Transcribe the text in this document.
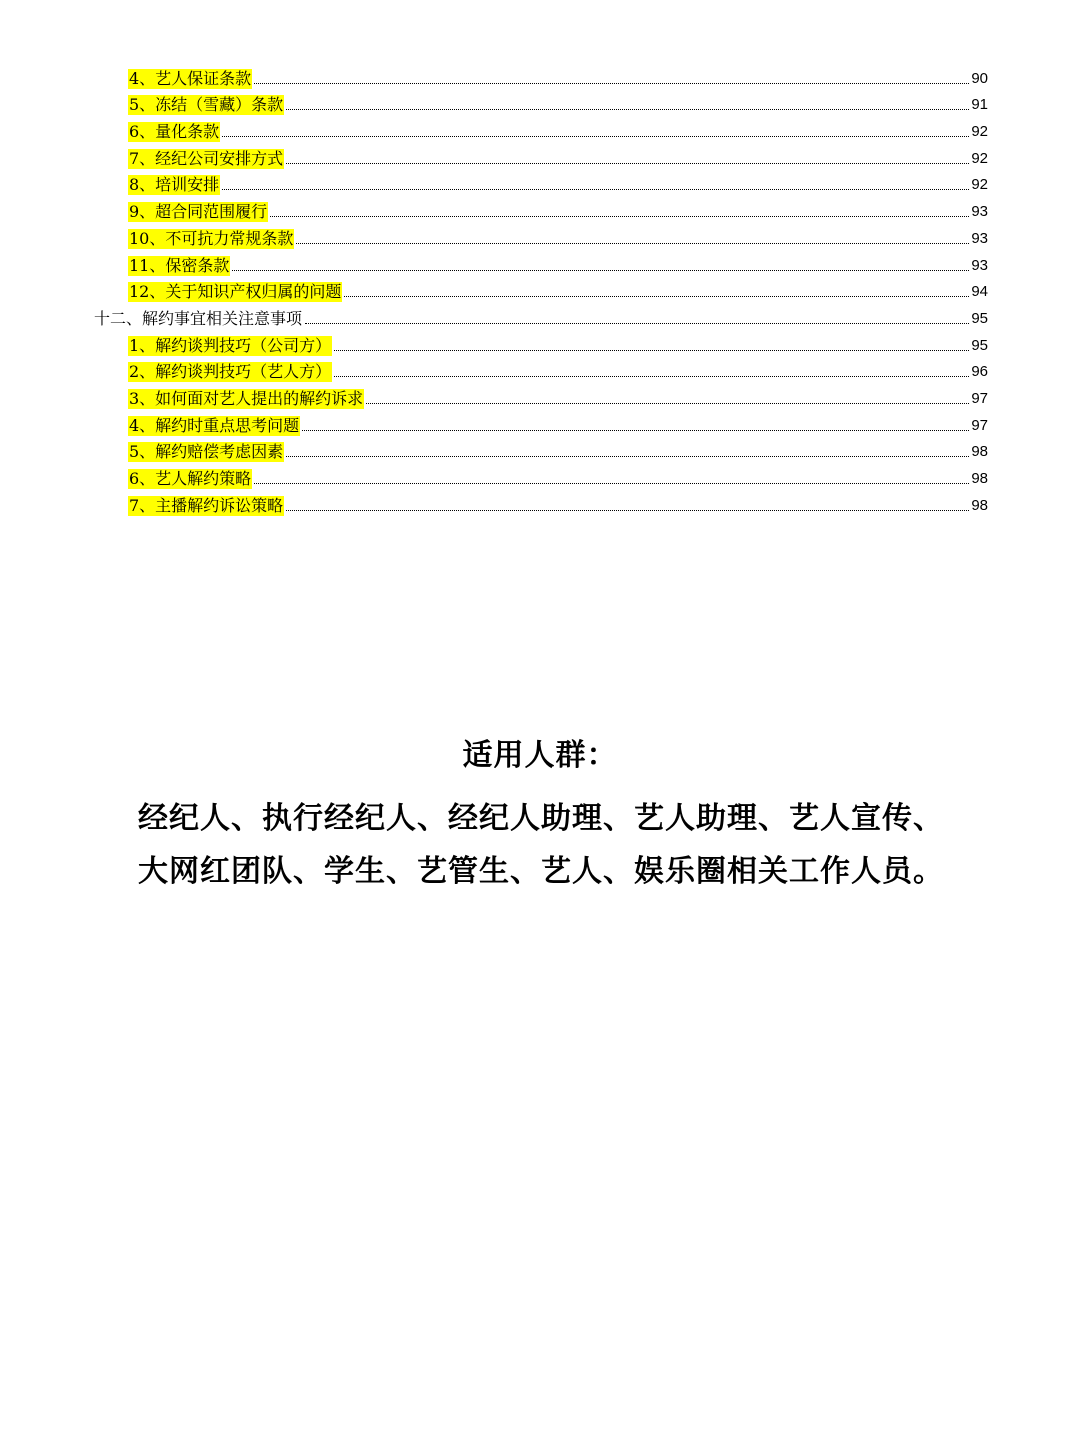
4、艺人保证条款	90
5、冻结（雪藏）条款	91
6、量化条款	92
7、经纪公司安排方式	92
8、培训安排	92
9、超合同范围履行	93
10、不可抗力常规条款	93
11、保密条款	93
12、关于知识产权归属的问题	94
十二、解约事宜相关注意事项	95
1、解约谈判技巧（公司方）	95
2、解约谈判技巧（艺人方）	96
3、如何面对艺人提出的解约诉求	97
4、解约时重点思考问题	97
5、解约赔偿考虑因素	98
6、艺人解约策略	98
7、主播解约诉讼策略	98
适用人群：
经纪人、执行经纪人、经纪人助理、艺人助理、艺人宣传、
大网红团队、学生、艺管生、艺人、娱乐圈相关工作人员。
